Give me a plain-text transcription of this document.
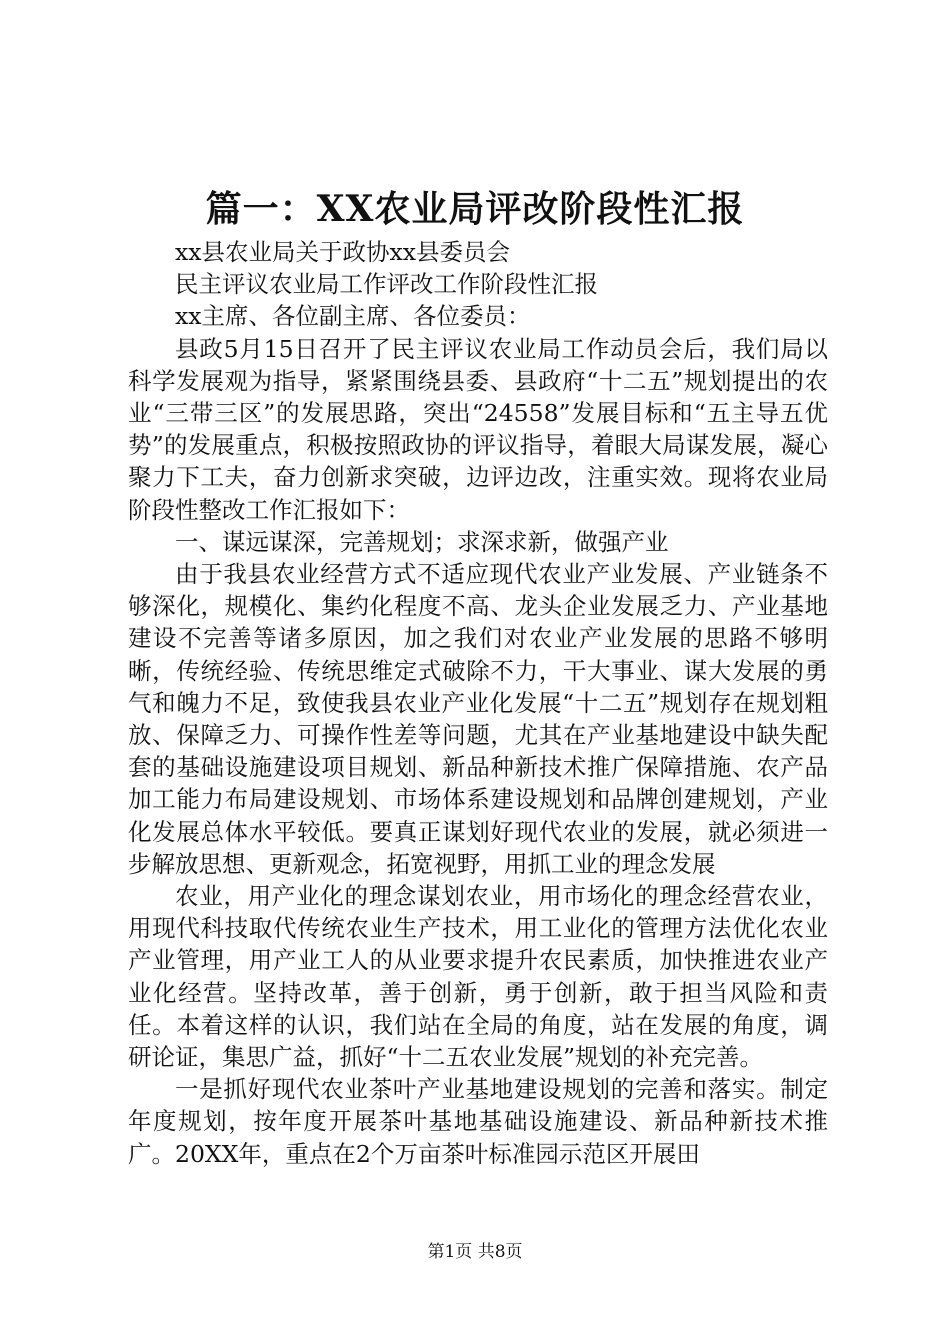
篇一：XX农业局评改阶段性汇报

xx县农业局关于政协xx县委员会

民主评议农业局工作评改工作阶段性汇报

xx主席、各位副主席、各位委员：

县政5月15日召开了民主评议农业局工作动员会后，我们局以科学发展观为指导，紧紧围绕县委、县政府“十二五”规划提出的农业“三带三区”的发展思路，突出“24558”发展目标和“五主导五优势”的发展重点，积极按照政协的评议指导，着眼大局谋发展，凝心聚力下工夫，奋力创新求突破，边评边改，注重实效。现将农业局阶段性整改工作汇报如下：

一、谋远谋深，完善规划；求深求新，做强产业

由于我县农业经营方式不适应现代农业产业发展、产业链条不够深化，规模化、集约化程度不高、龙头企业发展乏力、产业基地建设不完善等诸多原因，加之我们对农业产业发展的思路不够明晰，传统经验、传统思维定式破除不力，干大事业、谋大发展的勇气和魄力不足，致使我县农业产业化发展“十二五”规划存在规划粗放、保障乏力、可操作性差等问题，尤其在产业基地建设中缺失配套的基础设施建设项目规划、新品种新技术推广保障措施、农产品加工能力布局建设规划、市场体系建设规划和品牌创建规划，产业化发展总体水平较低。要真正谋划好现代农业的发展，就必须进一步解放思想、更新观念，拓宽视野，用抓工业的理念发展

农业，用产业化的理念谋划农业，用市场化的理念经营农业，用现代科技取代传统农业生产技术，用工业化的管理方法优化农业产业管理，用产业工人的从业要求提升农民素质，加快推进农业产业化经营。坚持改革，善于创新，勇于创新，敢于担当风险和责任。本着这样的认识，我们站在全局的角度，站在发展的角度，调研论证，集思广益，抓好“十二五农业发展”规划的补充完善。

一是抓好现代农业茶叶产业基地建设规划的完善和落实。制定年度规划，按年度开展茶叶基地基础设施建设、新品种新技术推广。20XX年，重点在2个万亩茶叶标准园示范区开展田

第1页 共8页
